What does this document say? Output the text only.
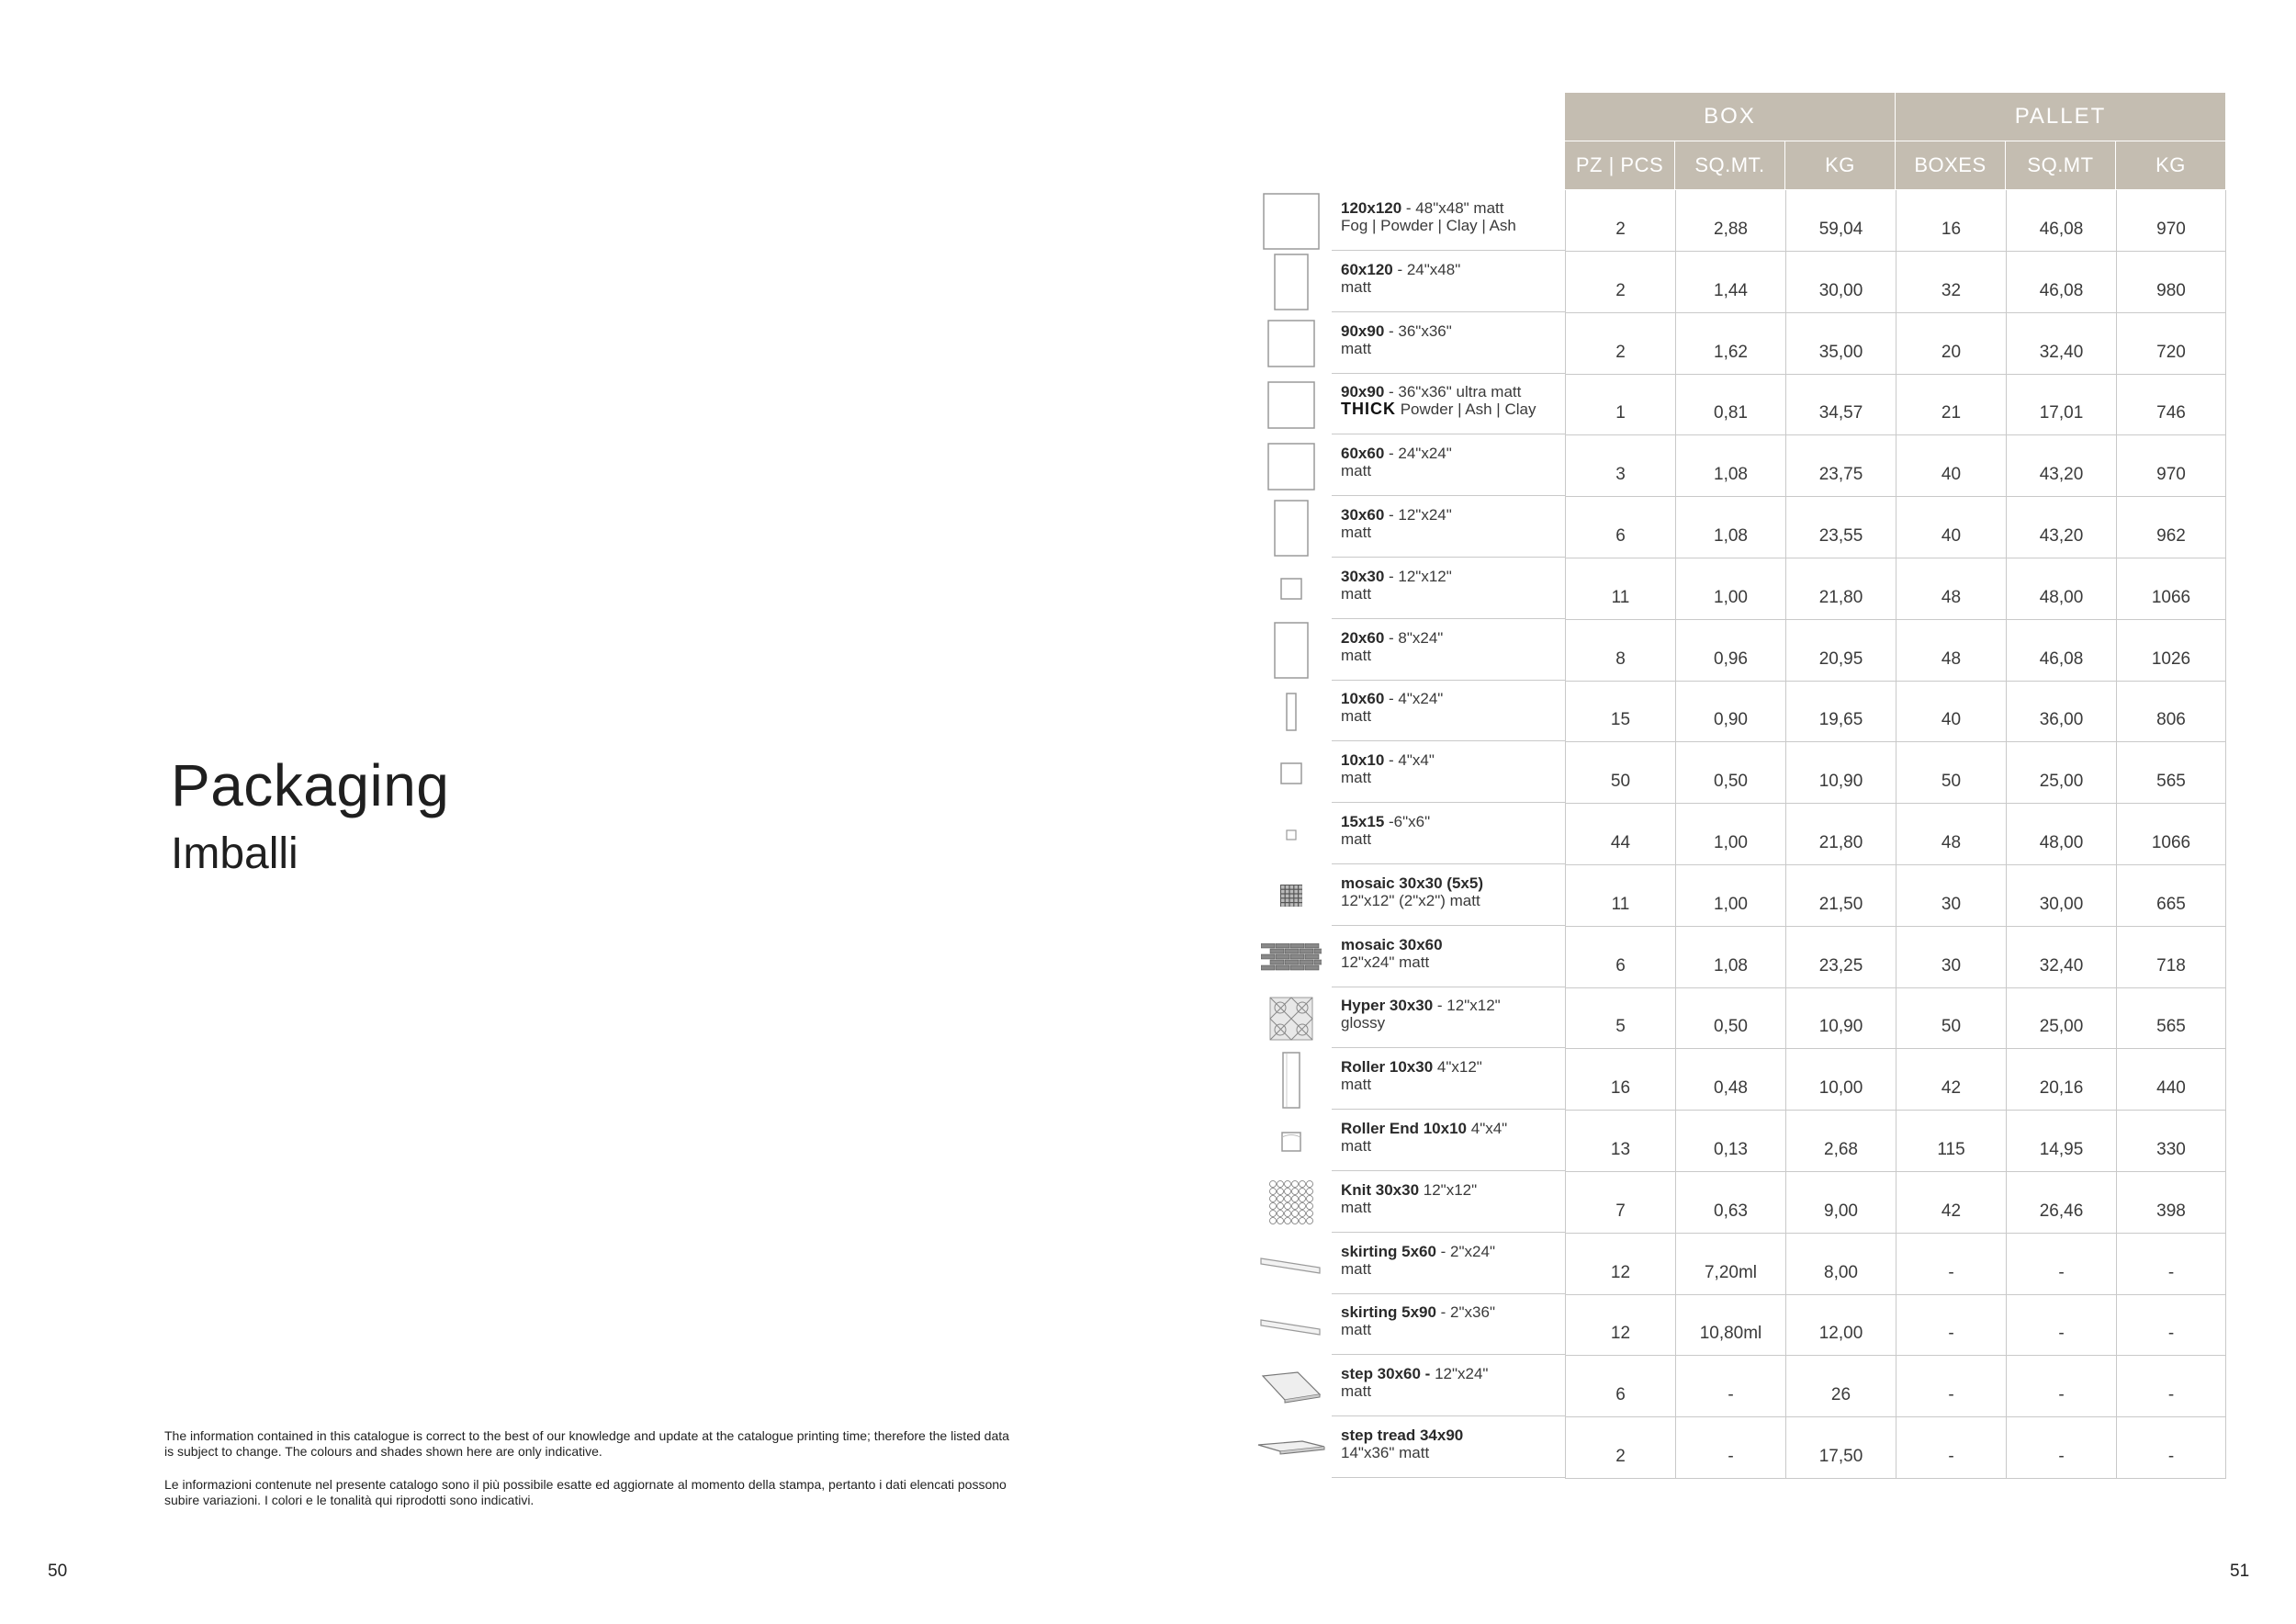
Packaging
Imballi

The information contained in this catalogue is correct to the best of our knowledge and update at the catalogue printing time; therefore the listed data is subject to change. The colours and shades shown here are only indicative.

Le informazioni contenute nel presente catalogo sono il più possibile esatte ed aggiornate al momento della stampa, pertanto i dati elencati possono subire variazioni. I colori e le tonalità qui riprodotti sono indicativi.

50	51
BOX	PALLET
PZ | PCS	SQ.MT.	KG	BOXES	SQ.MT	KG
120x120 - 48"x48" matt
Fog | Powder | Clay | Ash	2	2,88	59,04	16	46,08	970
60x120 - 24"x48"
matt	2	1,44	30,00	32	46,08	980
90x90 - 36"x36"
matt	2	1,62	35,00	20	32,40	720
90x90 - 36"x36" ultra matt
THICK Powder | Ash | Clay	1	0,81	34,57	21	17,01	746
60x60 - 24"x24"
matt	3	1,08	23,75	40	43,20	970
30x60 - 12"x24"
matt	6	1,08	23,55	40	43,20	962
30x30 - 12"x12"
matt	11	1,00	21,80	48	48,00	1066
20x60 - 8"x24"
matt	8	0,96	20,95	48	46,08	1026
10x60 - 4"x24"
matt	15	0,90	19,65	40	36,00	806
10x10 - 4"x4"
matt	50	0,50	10,90	50	25,00	565
15x15 -6"x6"
matt	44	1,00	21,80	48	48,00	1066
mosaic 30x30 (5x5)
12"x12" (2"x2") matt	11	1,00	21,50	30	30,00	665
mosaic 30x60
12"x24" matt	6	1,08	23,25	30	32,40	718
Hyper 30x30 - 12"x12"
glossy	5	0,50	10,90	50	25,00	565
Roller 10x30 4"x12"
matt	16	0,48	10,00	42	20,16	440
Roller End 10x10 4"x4"
matt	13	0,13	2,68	115	14,95	330
Knit 30x30 12"x12"
matt	7	0,63	9,00	42	26,46	398
skirting 5x60 - 2"x24"
matt	12	7,20ml	8,00	-	-	-
skirting 5x90 - 2"x36"
matt	12	10,80ml	12,00	-	-	-
step 30x60 - 12"x24"
matt	6	-	26	-	-	-
step tread 34x90
14"x36" matt	2	-	17,50	-	-	-
